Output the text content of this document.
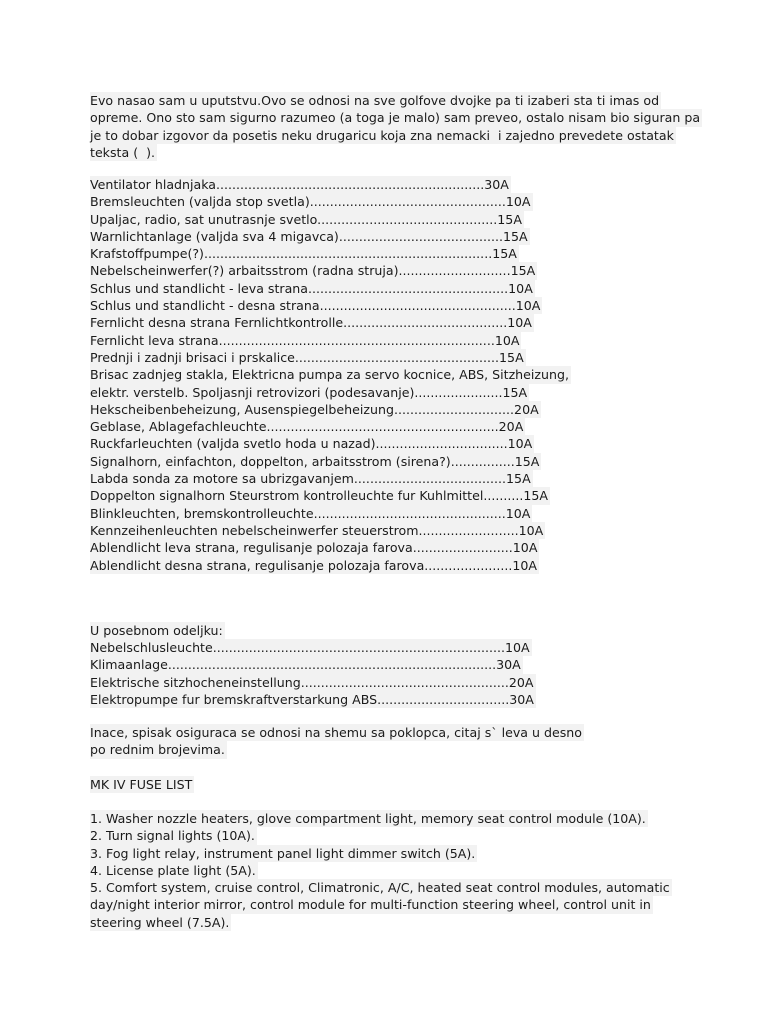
Evo nasao sam u uputstvu.Ovo se odnosi na sve golfove dvojke pa ti izaberi sta ti imas od
opreme. Ono sto sam sigurno razumeo (a toga je malo) sam preveo, ostalo nisam bio siguran pa
je to dobar izgovor da posetis neku drugaricu koja zna nemacki  i zajedno prevedete ostatak
teksta (  ).
Ventilator hladnjaka...................................................................30A
Bremsleuchten (valjda stop svetla).................................................10A
Upaljac, radio, sat unutrasnje svetlo.............................................15A
Warnlichtanlage (valjda sva 4 migavca).........................................15A
Krafstoffpumpe(?)........................................................................15A
Nebelscheinwerfer(?) arbaitsstrom (radna struja)............................15A
Schlus und standlicht - leva strana..................................................10A
Schlus und standlicht - desna strana.................................................10A
Fernlicht desna strana Fernlichtkontrolle.........................................10A
Fernlicht leva strana.....................................................................10A
Prednji i zadnji brisaci i prskalice...................................................15A
Brisac zadnjeg stakla, Elektricna pumpa za servo kocnice, ABS, Sitzheizung,
elektr. verstelb. Spoljasnji retrovizori (podesavanje)......................15A
Hekscheibenbeheizung, Ausenspiegelbeheizung..............................20A
Geblase, Ablagefachleuchte..........................................................20A
Ruckfarleuchten (valjda svetlo hoda u nazad).................................10A
Signalhorn, einfachton, doppelton, arbaitsstrom (sirena?)................15A
Labda sonda za motore sa ubrizgavanjem......................................15A
Doppelton signalhorn Steurstrom kontrolleuchte fur Kuhlmittel..........15A
Blinkleuchten, bremskontrolleuchte................................................10A
Kennzeihenleuchten nebelscheinwerfer steuerstrom.........................10A
Ablendlicht leva strana, regulisanje polozaja farova.........................10A
Ablendlicht desna strana, regulisanje polozaja farova......................10A
U posebnom odeljku:
Nebelschlusleuchte.........................................................................10A
Klimaanlage..................................................................................30A
Elektrische sitzhocheneinstellung....................................................20A
Elektropumpe fur bremskraftverstarkung ABS.................................30A
Inace, spisak osiguraca se odnosi na shemu sa poklopca, citaj s` leva u desno
po rednim brojevima.
MK IV FUSE LIST
1. Washer nozzle heaters, glove compartment light, memory seat control module (10A).
2. Turn signal lights (10A).
3. Fog light relay, instrument panel light dimmer switch (5A).
4. License plate light (5A).
5. Comfort system, cruise control, Climatronic, A/C, heated seat control modules, automatic
day/night interior mirror, control module for multi-function steering wheel, control unit in
steering wheel (7.5A).
